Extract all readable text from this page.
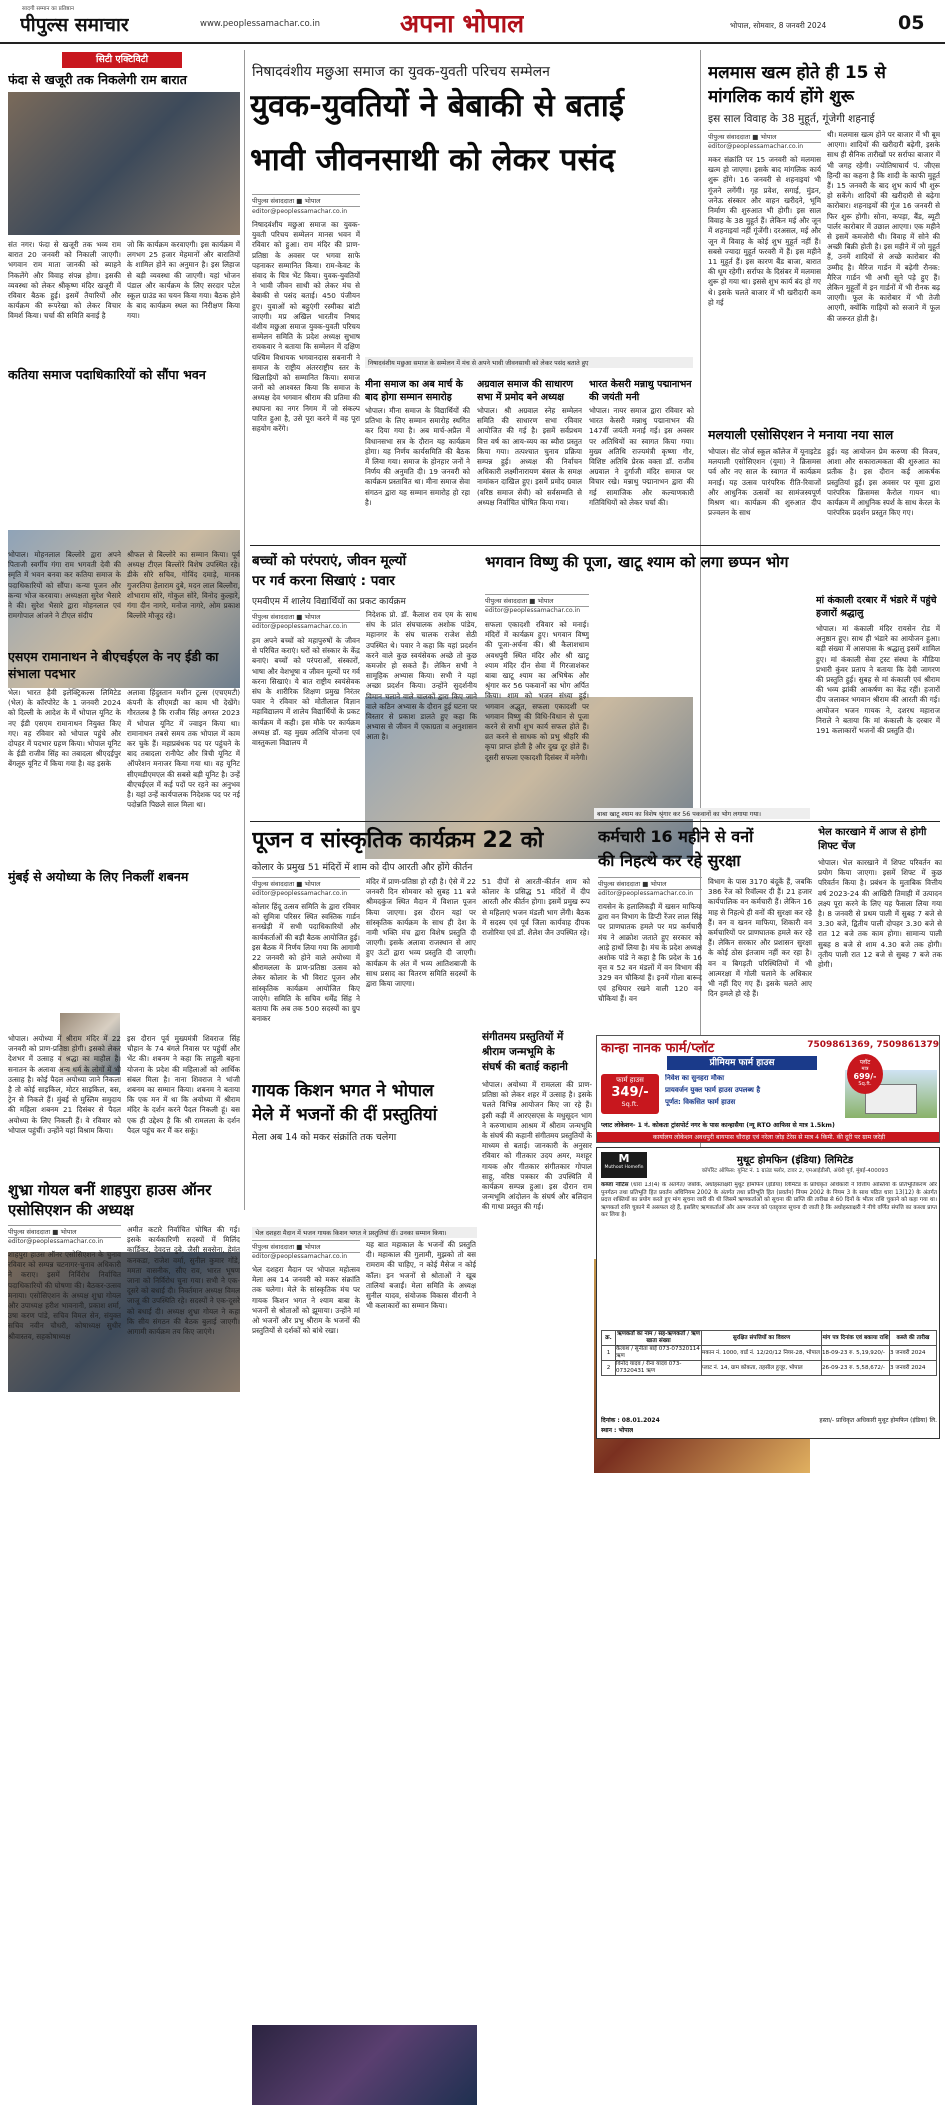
सादगी सम्मान का प्रतिष्ठान
पीपुल्स समाचार	www.peoplessamachar.co.in	अपना भोपाल	भोपाल, सोमवार, 8 जनवरी 2024	05
सिटी एक्टिविटी
फंदा से खजूरी तक निकलेगी राम बारात
संत नगर। फंदा से खजूरी तक भव्य राम बारात 20 जनवरी को निकाली जाएगी। भगवान राम माता जानकी को ब्याहने निकलेंगे और विवाह संपन्न होगा। इसकी व्यवस्था को लेकर श्रीकृष्ण मंदिर खजूरी में रविवार बैठक हुई। इसमें तैयारियों और कार्यक्रम की रूपरेखा को लेकर विचार विमर्श किया। चर्चा की समिति बनाई है
जो कि कार्यक्रम करवाएगी। इस कार्यक्रम में लगभग 25 हजार मेहमानों और बारातियों के शामिल होने का अनुमान है। इस लिहाज से बड़ी व्यवस्था की जाएगी। यहां भोजन पंडाल और कार्यक्रम के लिए सरदार पटेल स्कूल ग्राउंड का चयन किया गया। बैठक होने के बाद कार्यक्रम स्थल का निरीक्षण किया गया।
कतिया समाज पदाधिकारियों को सौंपा भवन
भोपाल। मोहनलाल बिल्लोरे द्वारा अपने पिताजी स्वर्गीय गंगा राम भगवती देवी की स्मृति में भवन बनवा कर कतिया समाज के पदाधिकारियों को सौंपा। कन्या पूजन और कन्या भोज करवाया। अध्यक्षता सुरेश भैसारे ने की। सुरेश भैसारे द्वारा मोहनलाल एवं रामगोपाल आंजने ने टीएल संदीप
श्रीफल से बिल्लोरे का सम्मान किया। पूर्व अध्यक्ष टीएल बिल्लोरे विशेष उपस्थित रहे। डीके सौरे सचिव, गोविंद दमाड़े, मानक गुजरतिया हेलाराम दुबे, मदन लाल बिल्लौरा, शोभाराम सोरे, गोकुल सोरे, विनोद कुल्हारे, गंगा दीन नागरे, मनोज नागरे, ओम प्रकाश बिल्लोरे मौजूद रहे।
एसएम रामानाथन ने बीएचईएल के नए ईडी का संभाला पदभार
भेल। भारत हैवी इलेक्ट्रिकल्स लिमिटेड (भेल) के कॉरपोरेट के 1 जनवरी 2024 को दिल्ली के आदेश के में भोपाल यूनिट के नए ईडी एसएम रामानाथन नियुक्त किए गए। वह रविवार को भोपाल पहुंचे और दोपहर में पदभार ग्रहण किया। भोपाल यूनिट के ईडी राजीव सिंह का तबादला श्रीएदईपुर बेंगलूरु यूनिट में किया गया है। वह इसके
अलावा हिंदुस्तान मशीन टूल्स (एचएमटी) कंपनी के सीएमडी का काम भी देखेंगे। गौरतलब है कि राजीव सिंह अगस्त 2023 में भोपाल यूनिट में ज्वाइन किया था। रामानाथन तबसे समय तक भोपाल में काम कर चुके हैं। महाप्रबंधक पद पर पहुंचने के बाद तबादला रानीपेट और त्रिची यूनिट में ऑपरेशन मनाजर किया गया था। वह यूनिट सीएमडीएमएल की सबसे बड़ी यूनिट है। उन्हें बीएचईएल में कई पदों पर रहने का अनुभव है। यहां उन्हें कार्यपालक निदेशक पद पर नई पदोन्नति पिछले साल मिला था।
मुंबई से अयोध्या के लिए निकलीं शबनम
भोपाल। अयोध्या में श्रीराम मंदिर में 22 जनवरी को प्राण-प्रतिष्ठा होगी। इसको लेकर देशभर में उत्साह व श्रद्धा का माहौल है। सनातन के अलावा अन्य धर्म के लोगों में भी उत्साह है। कोई पैदल अयोध्या जाने निकला है तो कोई साइकिल, मोटर साइकिल, बस, ट्रेन से निकले हैं। मुंबई से मुस्लिम समुदाय की महिला शबनम 21 दिसंबर से पैदल अयोध्या के लिए निकली हैं। वे रविवार को भोपाल पहुंचीं। उन्होंने यहां विश्राम किया।
इस दौरान पूर्व मुख्यमंत्री शिवराज सिंह चौहान के 74 बंगले निवास पर पहुंचीं और भेंट की। शबनम ने कहा कि लाहुली बहना योजना के प्रदेश की महिलाओं को आर्थिक संबल मिला है। नाना शिवराज ने भांजी शबनम का सम्मान किया। शबनम ने बताया कि एक मन में था कि अयोध्या में श्रीराम मंदिर के दर्शन करने पैदल निकली हूं। बस एक ही उद्देश्य है कि श्री रामलला के दर्शन पैदल पहुंच कर मैं कर सकूं।
शुभ्रा गोयल बनीं शाहपुरा हाउस ऑनर एसोसिएशन की अध्यक्ष
पीपुल्स संवाददाता ■ भोपाल
editor@peoplessamachar.co.in
शाहपुरा हाउस ऑनर एसोसिएशन के चुनाव रविवार को सम्पन्न चटनागर-चुनाव अधिकारी ने कराए। इसमें निर्विरोध निर्वाचित पदाधिकारियों की घोषणा की। बैठकर-उत्सव मनाया। एसोसिएशन के अध्यक्ष शुभ्रा गोयल और उपाध्यक्ष हरीश भावनानी, प्रकाश शर्मा, उषा करण पांडे, सचिव विमल सेन, संयुक्त सचिव नवीन चौधरी, कोषाध्यक्ष सुधीर श्रीवास्तव, सहकोषाध्यक्ष
अमीत कटारे निर्वाचित घोषित की गई। इसके कार्यकारिणी सदस्यों में मिलिंद कार्डिकर, देवदत्त दुबे, जैसी सक्सेना, हेमंत कनकडा, राजेश वर्मा, सुनील कुमार गोंडे, ममता वासनीक, सीए राव, भारत भूषण जाना को निर्विरोध चुना गया। सभी ने एक-दूसरे को बधाई दी। निवर्तमान अध्यक्ष विमल जाजू की उपस्थिति रहे। सदस्यों ने एक-दूसरे को बधाई दी। अध्यक्ष शुभ्रा गोयल ने कहा कि सीय संगठन की बैठक बुलाई जाएगी। आगामी कार्यक्रम तय किए जाएंगे।
निषादवंशीय मछुआ समाज का युवक-युवती परिचय सम्मेलन
युवक-युवतियों ने बेबाकी से बताई
भावी जीवनसाथी को लेकर पसंद
पीपुल्स संवाददाता ■ भोपाल
editor@peoplessamachar.co.in
निषादवंशीय मछुआ समाज का युवक-युवती परिचय सम्मेलन मानस भवन में रविवार को हुआ। राम मंदिर की प्राण-प्रतिष्ठा के अवसर पर भगवा साफे पहनाकर सम्मानित किया। राम-केवट के संवाद के चित्र भेंट किया। युवक-युवतियों ने भावी जीवन साथी को लेकर मंच से बेबाकी से पसंद बताई। 450 पंजीयन हुए। युवाओं को बहुएंगी रस्मीका बांटी जाएगी। मप्र अखिल भारतीय निषाद वंशीय मछुआ समाज युवक-युवती परिचय सम्मेलन समिति के प्रदेश अध्यक्ष सुभाष रायकवार ने बताया कि सम्मेलन में दक्षिण पश्चिम विधायक भगवानदास सबनानी ने समाज के राष्ट्रीय अंतरराष्ट्रीय स्तर के खिलाड़ियों को सम्मानित किया। समाज जनों को आश्वस्त किया कि समाज के अध्यक्ष देव भगवान श्रीराम की प्रतिमा की स्थापना का नगर निगम में जो संकल्प पारित हुआ है, उसे पूरा करने में वह पूरा सहयोग करेंगे।
निषादवंशीय मछुआ समाज के सम्मेलन में मंच से अपने भावी जीवनसाथी को लेकर पसंद बताते हुए
मीना समाज का अब मार्च के बाद होगा सम्मान समारोह
भोपाल। मीना समाज के विद्यार्थियों की प्रतिभा के लिए सम्मान समारोह स्थगित कर दिया गया है। अब मार्च-अप्रैल में विधानसभा सत्र के दौरान यह कार्यक्रम होगा। यह निर्णय कार्यसमिति की बैठक में लिया गया। समाज के होनहार जनों ने निर्णय की अनुमति दी। 19 जनवरी को कार्यक्रम प्रस्तावित था। मीना समाज सेवा संगठन द्वारा यह सम्मान समारोह हो रहा है।
अग्रवाल समाज की साधारण सभा में प्रमोद बने अध्यक्ष
भोपाल। श्री अग्रवाल स्नेह सम्मेलन समिति की साधारण सभा रविवार आयोजित की गई है। इसमें सर्वप्रथम वित्त वर्ष का आय-व्यय का ब्यौरा प्रस्तुत किया गया। तत्पश्चात चुनाव प्रक्रिया सम्पन्न हुई। अध्यक्ष की निर्वाचन अधिकारी लक्ष्मीनारायण बंसल के समक्ष नामांकन दाखिल हुए। इसमें प्रमोद ग्रवाल (वरिष्ठ समाज सेवी) को सर्वसम्मति से अध्यक्ष निर्वाचित घोषित किया गया।
भारत केसरी मन्नाथु पद्मानाभन की जयंती मनी
भोपाल। नायर समाज द्वारा रविवार को भारत केसरी मन्नाथु पद्मानाभन की 147वीं जयंती मनाई गई। इस अवसर पर अतिथियों का स्वागत किया गया। मुख्य अतिथि राज्यमंत्री कृष्णा गौर, विशिष्ट अतिथि प्रेरक वक्ता डॉ. राजीव अग्रवाल ने दुर्गाजी मंदिर समाज पर विचार रखे। मन्नाथु पद्मानाभन द्वारा की गई सामाजिक और कल्याणकारी गतिविधियों को लेकर चर्चा की।
मलमास खत्म होते ही 15 से
मांगलिक कार्य होंगे शुरू
इस साल विवाह के 38 मुहूर्त, गूंजेगी शहनाई
पीपुल्स संवाददाता ■ भोपाल
editor@peoplessamachar.co.in
मकर संक्रांति पर 15 जनवरी को मलमास खत्म हो जाएगा। इसके बाद मांगलिक कार्य शुरू होंगे। 16 जनवरी से शहनाइयां भी गूंजने लगेंगी। गृह प्रवेश, सगाई, मुंडन, जनेऊ संस्कार और वाहन खरीदने, भूमि निर्माण की शुरुआत भी होगी। इस साल विवाह के 38 मुहूर्त हैं। लेकिन मई और जून में शहनाइयां नहीं गूंजेंगी। दरअसल, मई और जून में विवाह के कोई शुभ मुहूर्त नहीं हैं। सबसे ज्यादा मुहूर्त फरवरी में हैं। इस महीने 11 मुहूर्त हैं। इस कारण बैंड बाजा, बारात की धूम रहेगी। सर्राफा के दिसंबर में मलमास शुरू हो गया था। इससे शुभ कार्य बंद हो गए थे। इसके चलते बाजार में भी खरीदारी कम हो गई
थी। मलमास खत्म होने पर बाजार में भी बूम आएगा। शादियों की खरीदारी बढ़ेगी, इसके साथ ही सैनिक तारीखों पर सर्राफा बाजार में भी जगह रहेगी। ज्योतिषाचार्य पं. जीएस हिन्दी का कहना है कि शादी के काफी मुहूर्त हैं। 15 जनवरी के बाद शुभ कार्य भी शुरू हो सकेंगे। शादियों की खरीदारी से बढ़ेगा कारोबार। शहनाइयों की गूंज 16 जनवरी से फिर शुरू होगी। सोना, कपड़ा, बैंड, ब्यूटी पार्लर कारोबार में उछाल आएगा। एक महीने से इसमें कमजोरी थी। विवाह में सोने की अच्छी बिक्री होती है। इस महीने में जो मुहूर्त हैं, उनमें शादियों से अच्छे कारोबार की उम्मीद है। मैरिज गार्डन में बढ़ेगी रौनक: मैरिज गार्डन भी अभी सूने पड़े हुए हैं। लेकिन मुहूर्तों में इन गार्डनों में भी रौनक बढ़ जाएगी। फूल के कारोबार में भी तेजी आएगी, क्योंकि गाड़ियों को सजाने में फूल की जरूरत होती है।
मलयाली एसोसिएशन ने मनाया नया साल
भोपाल। सेंट जोर्ज स्कूल कॉलेज में यूनाइटेड मलयाली एसोसिएशन (यूमा) ने क्रिसमस पर्व और नए साल के स्वागत में कार्यक्रम मनाई। यह उत्सव पारंपरिक रीति-रिवाजों और आधुनिक उत्सवों का सामंजस्यपूर्ण मिश्रण था। कार्यक्रम की शुरुआत दीप प्रज्वलन के साथ
हुई। यह आयोजन प्रेम करुणा की विजय, आशा और सकारात्मकता की शुरुआत का प्रतीक है। इस दौरान कई आकर्षक प्रस्तुतियां हुईं। इस अवसर पर यूमा द्वारा पारंपरिक क्रिसमस कैरोल गायन था। कार्यक्रम में आधुनिक स्पर्श के साथ केरल के पारंपरिक प्रदर्शन प्रस्तुत किए गए।
बच्चों को परंपराएं, जीवन मूल्यों
पर गर्व करना सिखाएं : पवार
एमवीएम में शालेय विद्यार्थियों का प्रकट कार्यक्रम
पीपुल्स संवाददाता ■ भोपाल
editor@peoplessamachar.co.in
हम अपने बच्चों को महापुरुषों के जीवन से परिचित कराएं। घरों को संस्कार के केंद्र बनाएं। बच्चों को परंपराओं, संस्कारों, भाषा और वेशभूषा व जीवन मूल्यों पर गर्व करना सिखाएं। ये बात राष्ट्रीय स्वयंसेवक संघ के शारीरिक शिक्षण प्रमुख निरंतर पवार ने रविवार को मोतीलाल विज्ञान महाविद्यालय में शालेय विद्यार्थियों के प्रकट कार्यक्रम में कही। इस मौके पर कार्यक्रम अध्यक्ष डॉ. यह मुख्य अतिथि योजना एवं वास्तुकला विद्यालय में
निदेशक प्रो. डॉ. कैलाश राव एम के साथ संघ के प्रांत संघचालक अशोक पांडेय, महानगर के संघ चालक राजेश सेठी उपस्थित थे। पवार ने कहा कि यहां प्रदर्शन करने वाले कुछ स्वयंसेवक अच्छे तो कुछ कमजोर हो सकते हैं। लेकिन सभी ने सामूहिक अभ्यास किया। सभी ने यहां अच्छा प्रदर्शन किया। उन्होंने सुदर्शनीय विमान चलाने वाले चालकों द्वारा किए जाने वाले कठिन अभ्यास के दौरान हुई घटना पर विस्तार से प्रकाश डालते हुए कहा कि अभ्यास से जीवन में एकाग्रता व अनुशासन आता है।
भगवान विष्णु की पूजा, खाटू श्याम को लगा छप्पन भोग
पीपुल्स संवाददाता ■ भोपाल
editor@peoplessamachar.co.in
सफला एकादशी रविवार को मनाई। मंदिरों में कार्यक्रम हुए। भगवान विष्णु की पूजा-अर्चना की। श्री कैलाशधाम अवधपुरी स्थित मंदिर और श्री खाटू श्याम मंदिर दीन सेवा में गिरजाशंकर बाबा खाटू श्याम का अभिषेक और श्रृंगार कर 56 पकवानों का भोग अर्पित किया। शाम को भजन संध्या हुई। भगवान अद्भुत, सफला एकादशी पर भगवान विष्णु की विधि-विधान से पूजा करने से सभी शुभ कार्य सफल होते हैं। व्रत करने से साधक को प्रभु श्रीहरि की कृपा प्राप्त होती है और दुख दूर होते हैं। दूसरी सफला एकादशी दिसंबर में मनेगी।
बाबा खाटू श्याम का विशेष श्रृंगार कर 56 पकवानों का भोग लगाया गया।
मां कंकाली दरबार में भंडारे में पहुंचे हजारों श्रद्धालु
भोपाल। मां कंकाली मंदिर रायसेन रोड में अनुष्ठान हुए। साथ ही भंडारे का आयोजन हुआ। बड़ी संख्या में आसपास के श्रद्धालु इसमें शामिल हुए। मां कंकाली सेवा ट्रस्ट संस्था के मीडिया प्रभारी कुंवर प्रताप ने बताया कि देवी जागरण की प्रस्तुति हुई। सुबह से मां कंकाली एवं श्रीराम की भव्य झांकी आकर्षण का केंद्र रहीं। हजारों दीप जलाकर भगवान श्रीराम की आरती की गई। आयोजन भजन गायक ने, दशरथ महाराज निराले ने बताया कि मां कंकाली के दरबार में 191 कलाकारों भजनों की प्रस्तुति दी।
पूजन व सांस्कृतिक कार्यक्रम 22 को
कोलार के प्रमुख 51 मंदिरों में शाम को दीप आरती और होंगे कीर्तन
पीपुल्स संवाददाता ■ भोपाल
editor@peoplessamachar.co.in
कोलार हिंदू उत्सव समिति के द्वारा रविवार को सुमित्रा परिसर स्थित स्वस्तिक गार्डन सनखेड़ी में सभी पदाधिकारियों और कार्यकर्ताओं की बड़ी बैठक आयोजित हुई। इस बैठक में निर्णय लिया गया कि आगामी 22 जनवरी को होने वाले अयोध्या में श्रीरामलला के प्राण-प्रतिष्ठा उत्सव को लेकर कोलार के भी विराट पूजन और सांस्कृतिक कार्यक्रम आयोजित किए जाएंगे। समिति के सचिव धर्मेंद्र सिंह ने बताया कि अब तक 500 सदस्यों का ग्रुप बनाकर
मंदिर में प्राण-प्रतिष्ठा हो रही है। ऐसे में 22 जनवरी दिन सोमवार को सुबह 11 बजे श्रीमदकुंज स्थित मैदान में विशाल पूजन किया जाएगा। इस दौरान यहां पर सांस्कृतिक कार्यक्रम के साथ ही देश के नामी भक्ति मंच द्वारा विशेष प्रस्तुति दी जाएगी। इसके अलावा राजस्थान से आए हुए ऊंटों द्वारा भव्य प्रस्तुति दी जाएगी। कार्यक्रम के अंत में भव्य आतिशबाजी के साथ प्रसाद का वितरण समिति सदस्यों के द्वारा किया जाएगा।
51 दीपों से आरती-कीर्तन शाम को कोलार के प्रसिद्ध 51 मंदिरों में दीप आरती और कीर्तन होगा। इसमें प्रमुख रूप से महिलाएं भजन मंडली भाग लेंगी। बैठक में सदस्य एवं पूर्व जिला कार्यवाह दीपक राजोरिया एवं डॉ. शैलेश जैन उपस्थित रहे।
गायक किशन भगत ने भोपाल
मेले में भजनों की दीं प्रस्तुतियां
मेला अब 14 को मकर संक्रांति तक चलेगा
भेल दशहरा मैदान में भजन गायक किशन भगत ने प्रस्तुतियां दीं। उनका सम्मान किया।
पीपुल्स संवाददाता ■ भोपाल
editor@peoplessamachar.co.in
भेल दशहरा मैदान पर भोपाल महोत्सव मेला अब 14 जनवरी को मकर संक्रांति तक चलेगा। मेले के सांस्कृतिक मंच पर गायक किशन भगत ने श्याम बाबा के भजनों से श्रोताओं को झूमाया। उन्होंने मां ओ भजनों और प्रभु श्रीराम के भजनों की प्रस्तुतियों से दर्शकों को बांधे रखा।
यह बात महाकाल के भजनों की प्रस्तुति दी। महाकाल की गुलामी, मुझको तो बस रामराम की चाहिए, न कोई मैसेज न कोई कॉल। इन भजनों से श्रोताओं ने खूब तालियां बजाईं। मेला समिति के अध्यक्ष सुनील यादव, संयोजक विकास वीरानी ने भी कलाकारों का सम्मान किया।
संगीतमय प्रस्तुतियों में
श्रीराम जन्मभूमि के
संघर्ष की बताई कहानी
भोपाल। अयोध्या में रामलला की प्राण-प्रतिष्ठा को लेकर शहर में उत्साह है। इसके चलते विभिन्न आयोजन किए जा रहे हैं। इसी कड़ी में आरएसएस के मधुसूदन भाग ने करुणाधाम आश्रम में श्रीराम जन्मभूमि के संघर्ष की कहानी संगीतमय प्रस्तुतियों के माध्यम से बताई। जानकारी के अनुसार रविवार को गीतकार उदय अमर, मशहूर गायक और गीतकार संगीतकार गोपाल साहू, वरिष्ठ पत्रकार की उपस्थिति में कार्यक्रम सम्पन्न हुआ। इस दौरान राम जन्मभूमि आंदोलन के संघर्ष और बलिदान की गाथा प्रस्तुत की गई।
कर्मचारी 16 महीने से वनों
की निहत्थे कर रहे सुरक्षा
पीपुल्स संवाददाता ■ भोपाल
editor@peoplessamachar.co.in
रायसेन के हलालिकड़ी में खसन माफिया द्वारा वन विभाग के डिप्टी रेंजर लाल सिंह पर प्राणघातक हमले पर मप्र कर्मचारी मंच ने आक्रोश जताते हुए सरकार को आड़े हाथों लिया है। मंच के प्रदेश अध्यक्ष अशोक पांडे ने कहा है कि प्रदेश के 16 वृत्त व 52 वन मंडलों में वन विभाग की 329 वन चौकियां हैं। इनमें गोला बारूद एवं हथियार रखने वाली 120 वन चौकियां हैं। वन
विभाग के पास 3170 बंदूकें हैं, जबकि 386 रेंज को रिवॉल्वर दी हैं। 21 हजार कार्यपालिक वन कर्मचारी हैं। लेकिन 16 माह से निहत्थे ही वनों की सुरक्षा कर रहे हैं। वन व खनन माफिया, शिकारी वन कर्मचारियों पर प्राणघातक हमले कर रहे हैं। लेकिन सरकार और प्रशासन सुरक्षा के कोई ठोस इंतजाम नहीं कर रहा है। वन व बिगड़ती परिस्थितियों में भी आत्मरक्षा में गोली चलाने के अधिकार भी नहीं दिए गए हैं। इसके चलते आए दिन हमले हो रहे हैं।
भेल कारखाने में आज से होगी शिफ्ट चेंज
भोपाल। भेल कारखाने में शिफ्ट परिवर्तन का प्रयोग किया जाएगा। इसमें शिफ्ट में कुछ परिवर्तन किया है। प्रबंधन के मुताबिक वित्तीय वर्ष 2023-24 की आखिरी तिमाही में उत्पादन लक्ष्य पूरा करने के लिए यह फैसला लिया गया है। 8 जनवरी से प्रथम पाली में सुबह 7 बजे से 3.30 बजे, द्वितीय पाली दोपहर 3.30 बजे से रात 12 बजे तक काम होगा। सामान्य पाली सुबह 8 बजे से शाम 4.30 बजे तक होगी। तृतीय पाली रात 12 बजे से सुबह 7 बजे तक होगी।
कान्हा नानक फार्म/प्लॉट	7509861369, 7509861379
प्रीमियम फार्म हाउस
फार्म हाउस
349/-
Sq.ft.
निवेश का सुनहरा मौका
प्रायवर्जन युक्त फार्म हाउस उपलब्ध है
पूर्णत: विकसित फार्म हाउस
प्लॉट
मात्र
699/-
Sq.ft.
प्लाट लोकेशन- 1 नं. कोकता ट्रांसपोर्ट नगर के पास कान्हासैया (न्यू RTO आफिस से मात्र 1.5km)
कार्यालय लोकेशन अवधपुरी बायपास चौराहा एवं नरेला जोड़ टेरेस से मात्र 4 किमी. की दूरी पर ग्राम जरेड़ी
M
Muthoot Homefin
मुथूट होमफिन (इंडिया) लिमिटेड
कॉर्पोरेट ऑफिस: यूनिट नं. 1 ग्राउंड फ्लोर, टावर 2, एमआईडीसी, अंधेरी पूर्व, मुंबई-400093
कब्जा नोटिस (धारा 13(4) के अंतर्गत) जबकि, अधोहस्ताक्षरी मुथूट होमफिन (इंडिया) लिमिटेड के प्राधिकृत अधिकारी ने वित्तीय आस्तियों के प्रतिभूतिकरण और पुनर्गठन तथा प्रतिभूति हित प्रवर्तन अधिनियम 2002 के अंतर्गत तथा प्रतिभूति हित (प्रवर्तन) नियम 2002 के नियम 3 के साथ पठित धारा 13(12) के अंतर्गत प्रदत्त शक्तियों का प्रयोग करते हुए मांग सूचना जारी की थी जिसमें ऋणकर्ताओं को सूचना की प्राप्ति की तारीख से 60 दिनों के भीतर राशि चुकाने को कहा गया था। ऋणकर्ता राशि चुकाने में असफल रहे हैं, इसलिए ऋणकर्ताओं और आम जनता को एतद्द्वारा सूचना दी जाती है कि अधोहस्ताक्षरी ने नीचे वर्णित संपत्ति का कब्जा प्राप्त कर लिया है।
क्र.	ऋणकर्ता का नाम / सह-ऋणकर्ता / ऋण खाता संख्या	सुरक्षित संपत्तियों का विवरण	मांग पत्र दिनांक एवं बकाया राशि	कब्जे की तारीख
1	कैलाश / सुनीता बाई 073-07320114 ऋण	मकान नं. 1000, वार्ड नं. 12/20/12 नियर-28, भोपाल	18-09-23 रु. 5,19,920/-	3 जनवरी 2024
2	विनोद यादव / रीना यादव 073-07320431 ऋण	प्लाट नं. 14, ग्राम कोकता, तहसील हुजूर, भोपाल	26-09-23 रु. 5,58,672/-	3 जनवरी 2024
दिनांक : 08.01.2024
स्थान : भोपाल
हस्ता/- प्राधिकृत अधिकारी मुथूट होमफिन (इंडिया) लि.
